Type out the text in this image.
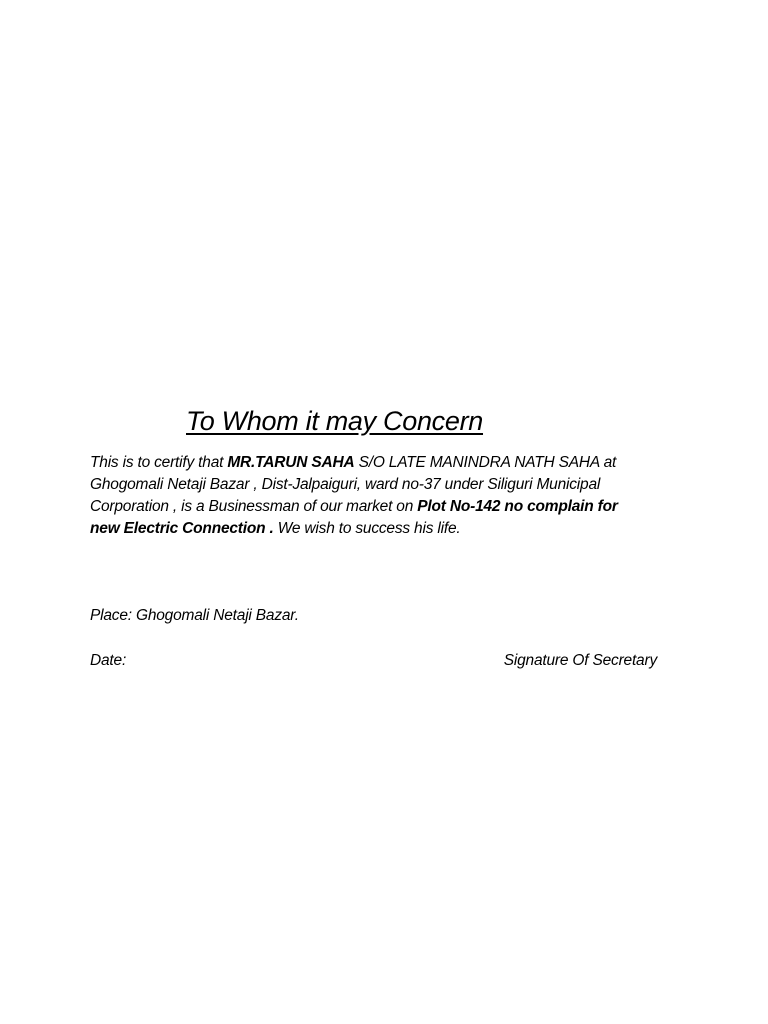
To Whom it may Concern

This is to certify that MR.TARUN SAHA S/O LATE MANINDRA NATH SAHA at
Ghogomali Netaji Bazar , Dist-Jalpaiguri, ward no-37 under Siliguri Municipal
Corporation , is a Businessman of our market on Plot No-142 no complain for
new Electric Connection . We wish to success his life.

Place: Ghogomali Netaji Bazar.

Date:	Signature Of Secretary
